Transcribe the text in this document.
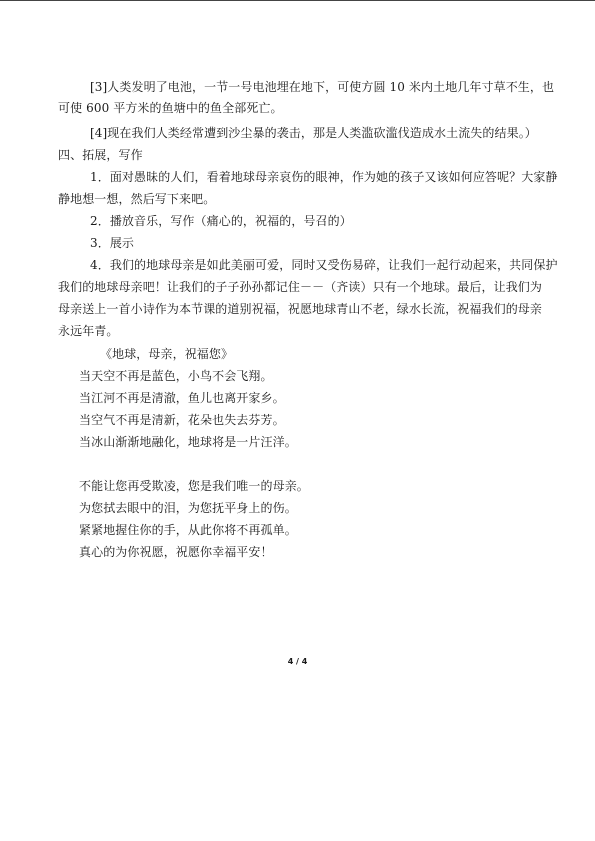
[3]人类发明了电池，一节一号电池埋在地下，可使方圆 10 米内土地几年寸草不生，也
可使 600 平方米的鱼塘中的鱼全部死亡。
[4]现在我们人类经常遭到沙尘暴的袭击，那是人类滥砍滥伐造成水土流失的结果。）
四、拓展，写作
1．面对愚昧的人们，看着地球母亲哀伤的眼神，作为她的孩子又该如何应答呢？大家静
静地想一想，然后写下来吧。
2．播放音乐，写作（痛心的，祝福的，号召的）
3．展示
4．我们的地球母亲是如此美丽可爱，同时又受伤易碎，让我们一起行动起来，共同保护
我们的地球母亲吧！让我们的子子孙孙都记住－－（齐读）只有一个地球。最后，让我们为
母亲送上一首小诗作为本节课的道别祝福，祝愿地球青山不老，绿水长流，祝福我们的母亲
永远年青。
《地球，母亲，祝福您》
当天空不再是蓝色，小鸟不会飞翔。
当江河不再是清澈，鱼儿也离开家乡。
当空气不再是清新，花朵也失去芬芳。
当冰山渐渐地融化，地球将是一片汪洋。
不能让您再受欺凌，您是我们唯一的母亲。
为您拭去眼中的泪，为您抚平身上的伤。
紧紧地握住你的手，从此你将不再孤单。
真心的为你祝愿，祝愿你幸福平安！
4 / 4
